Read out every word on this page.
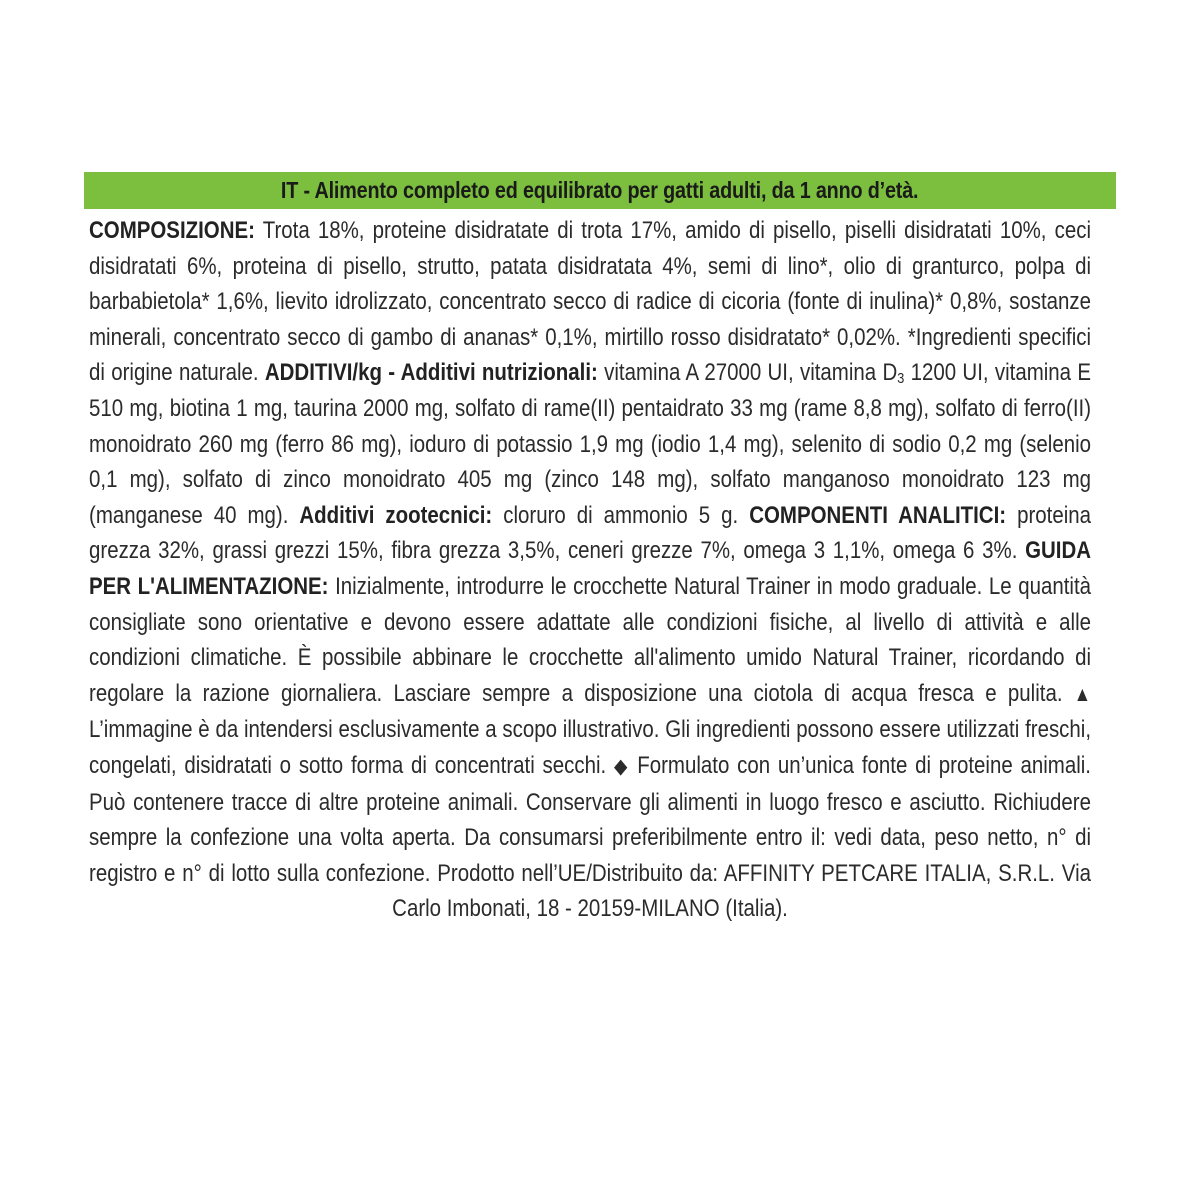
IT - Alimento completo ed equilibrato per gatti adulti, da 1 anno d’età.
COMPOSIZIONE: Trota 18%, proteine disidratate di trota 17%, amido di pisello, piselli disidratati 10%, ceci disidratati 6%, proteina di pisello, strutto, patata disidratata 4%, semi di lino*, olio di granturco, polpa di barbabietola* 1,6%, lievito idrolizzato, concentrato secco di radice di cicoria (fonte di inulina)* 0,8%, sostanze minerali, concentrato secco di gambo di ananas* 0,1%, mirtillo rosso disidratato* 0,02%. *Ingredienti specifici di origine naturale. ADDITIVI/kg - Additivi nutrizionali: vitamina A 27000 UI, vitamina $D_3$ 1200 UI, vitamina E 510 mg, biotina 1 mg, taurina 2000 mg, solfato di rame(II) pentaidrato 33 mg (rame 8,8 mg), solfato di ferro(II) monoidrato 260 mg (ferro 86 mg), ioduro di potassio 1,9 mg (iodio 1,4 mg), selenito di sodio 0,2 mg (selenio 0,1 mg), solfato di zinco monoidrato 405 mg (zinco 148 mg), solfato manganoso monoidrato 123 mg (manganese 40 mg). Additivi zootecnici: cloruro di ammonio 5 g. COMPONENTI ANALITICI: proteina grezza 32%, grassi grezzi 15%, fibra grezza 3,5%, ceneri grezze 7%, omega 3 1,1%, omega 6 3%. GUIDA PER L'ALIMENTAZIONE: Inizialmente, introdurre le crocchette Natural Trainer in modo graduale. Le quantità consigliate sono orientative e devono essere adattate alle condizioni fisiche, al livello di attività e alle condizioni climatiche. È possibile abbinare le crocchette all'alimento umido Natural Trainer, ricordando di regolare la razione giornaliera. Lasciare sempre a disposizione una ciotola di acqua fresca e pulita. ▲ L’immagine è da intendersi esclusivamente a scopo illustrativo. Gli ingredienti possono essere utilizzati freschi, congelati, disidratati o sotto forma di concentrati secchi. ◆ Formulato con un’unica fonte di proteine animali. Può contenere tracce di altre proteine animali. Conservare gli alimenti in luogo fresco e asciutto. Richiudere sempre la confezione una volta aperta. Da consumarsi preferibilmente entro il: vedi data, peso netto, n° di registro e n° di lotto sulla confezione. Prodotto nell’UE/Distribuito da: AFFINITY PETCARE ITALIA, S.R.L. Via Carlo Imbonati, 18 - 20159-MILANO (Italia).
